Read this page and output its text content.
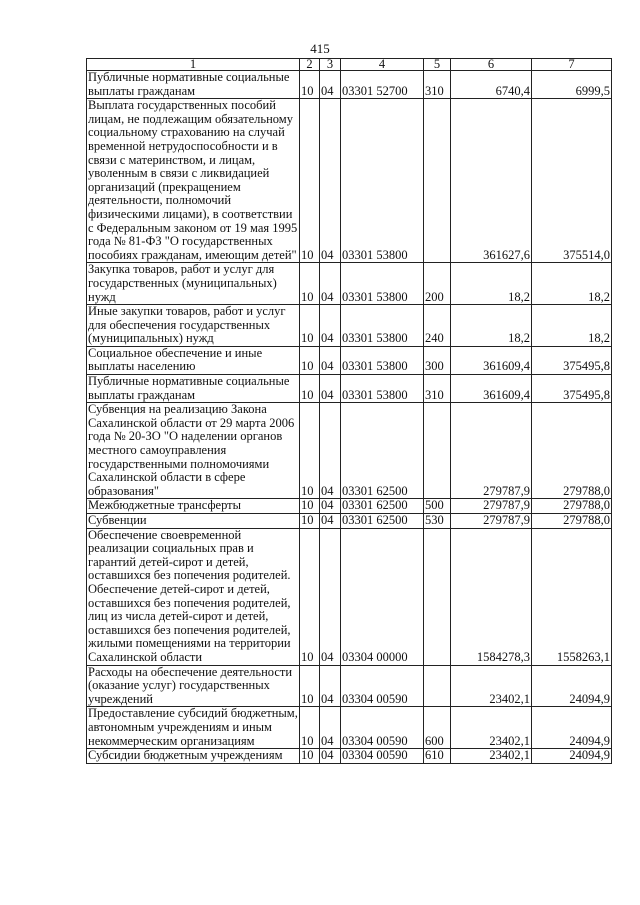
415
1	2	3	4	5	6	7
Публичные нормативные социальные выплаты гражданам	10	04	03301 52700	310	6740,4	6999,5
Выплата государственных пособий лицам, не подлежащим обязательному социальному страхованию на случай временной нетрудоспособности и в связи с материнством, и лицам, уволенным в связи с ликвидацией организаций (прекращением деятельности, полномочий физическими лицами), в соответствии с Федеральным законом от 19 мая 1995 года № 81-ФЗ "О государственных пособиях гражданам, имеющим детей"	10	04	03301 53800		361627,6	375514,0
Закупка товаров, работ и услуг для государственных (муниципальных) нужд	10	04	03301 53800	200	18,2	18,2
Иные закупки товаров, работ и услуг для обеспечения государственных (муниципальных) нужд	10	04	03301 53800	240	18,2	18,2
Социальное обеспечение и иные выплаты населению	10	04	03301 53800	300	361609,4	375495,8
Публичные нормативные социальные выплаты гражданам	10	04	03301 53800	310	361609,4	375495,8
Субвенция на реализацию Закона Сахалинской области от 29 марта 2006 года № 20-ЗО "О наделении органов местного самоуправления государственными полномочиями Сахалинской области в сфере образования"	10	04	03301 62500		279787,9	279788,0
Межбюджетные трансферты	10	04	03301 62500	500	279787,9	279788,0
Субвенции	10	04	03301 62500	530	279787,9	279788,0
Обеспечение своевременной реализации социальных прав и гарантий детей-сирот и детей, оставшихся без попечения родителей. Обеспечение детей-сирот и детей, оставшихся без попечения родителей, лиц из числа детей-сирот и детей, оставшихся без попечения родителей, жилыми помещениями на территории Сахалинской области	10	04	03304 00000		1584278,3	1558263,1
Расходы на обеспечение деятельности (оказание услуг) государственных учреждений	10	04	03304 00590		23402,1	24094,9
Предоставление субсидий бюджетным, автономным учреждениям и иным некоммерческим организациям	10	04	03304 00590	600	23402,1	24094,9
Субсидии бюджетным учреждениям	10	04	03304 00590	610	23402,1	24094,9
